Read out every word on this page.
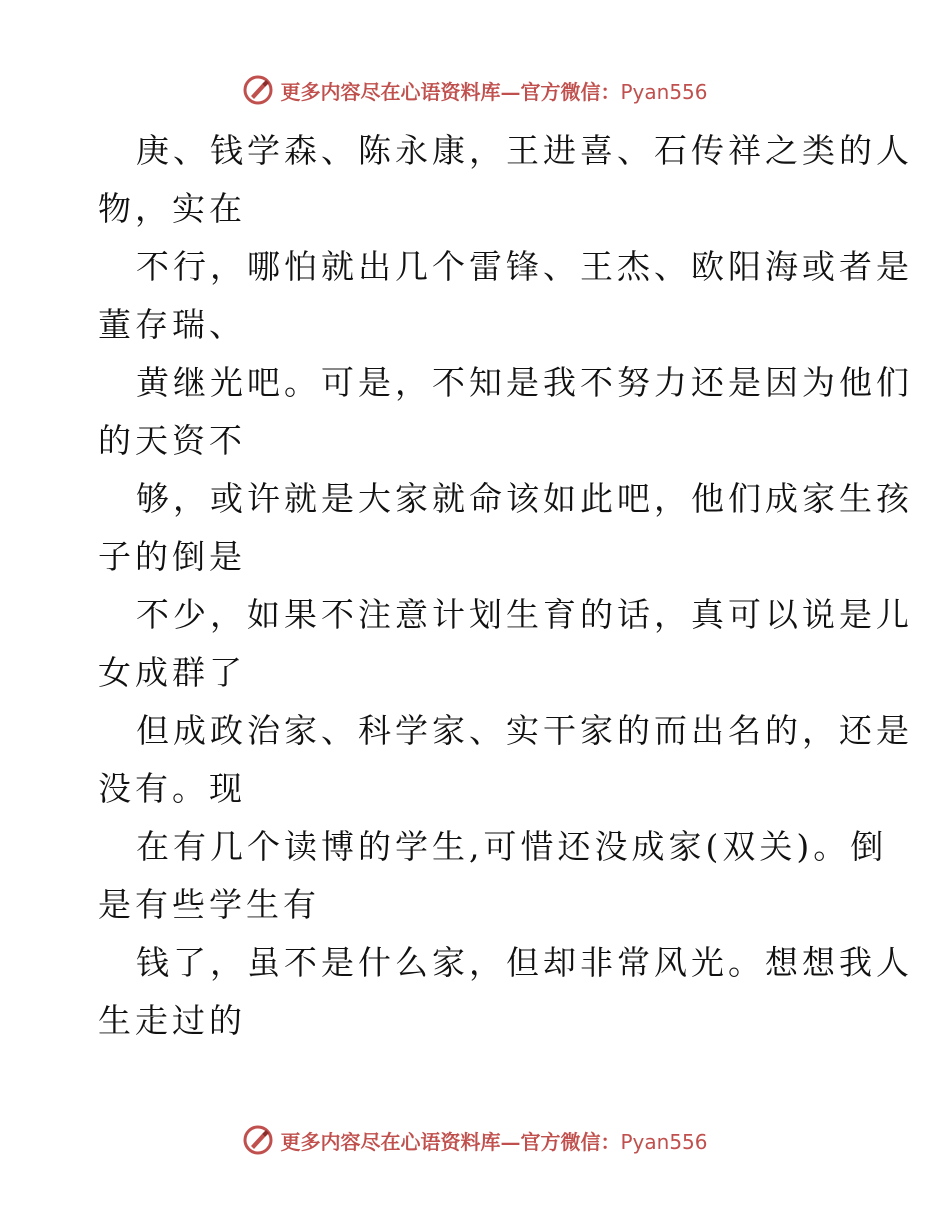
更多内容尽在心语资料库—官方微信：Pyan556
庚、钱学森、陈永康，王进喜、石传祥之类的人
物，实在
不行，哪怕就出几个雷锋、王杰、欧阳海或者是
董存瑞、
黄继光吧。可是，不知是我不努力还是因为他们
的天资不
够，或许就是大家就命该如此吧，他们成家生孩
子的倒是
不少，如果不注意计划生育的话，真可以说是儿
女成群了
但成政治家、科学家、实干家的而出名的，还是
没有。现
在有几个读博的学生,可惜还没成家(双关)。倒
是有些学生有
钱了，虽不是什么家，但却非常风光。想想我人
生走过的
更多内容尽在心语资料库—官方微信：Pyan556
